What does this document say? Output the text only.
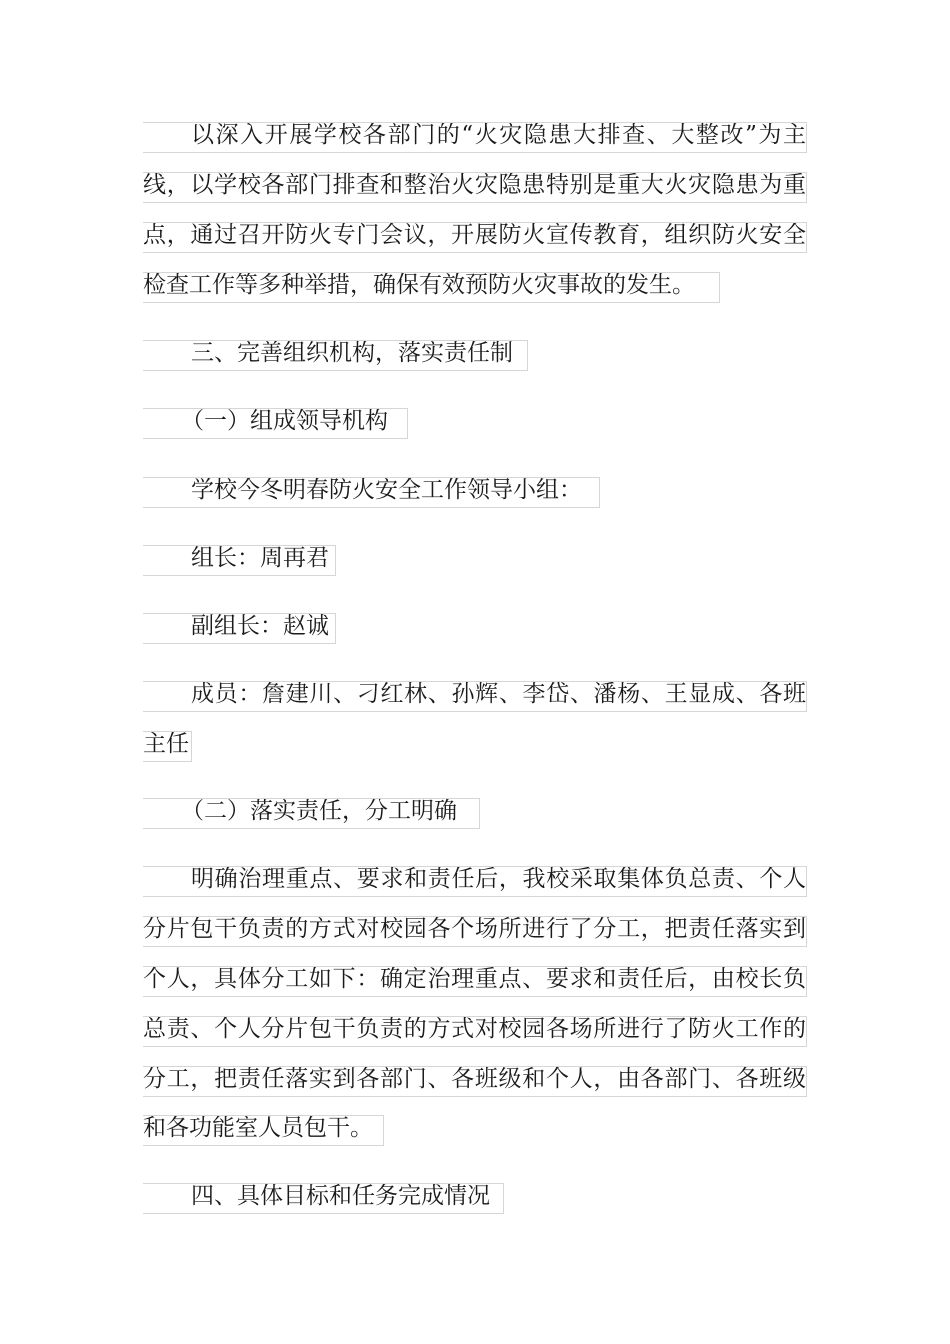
以深入开展学校各部门的“火灾隐患大排查、大整改”为主
线，以学校各部门排查和整治火灾隐患特别是重大火灾隐患为重
点，通过召开防火专门会议，开展防火宣传教育，组织防火安全
检查工作等多种举措，确保有效预防火灾事故的发生。
三、完善组织机构，落实责任制
（一）组成领导机构
学校今冬明春防火安全工作领导小组：
组长：周再君
副组长：赵诚
成员：詹建川、刁红林、孙辉、李岱、潘杨、王显成、各班
主任
（二）落实责任，分工明确
明确治理重点、要求和责任后，我校采取集体负总责、个人
分片包干负责的方式对校园各个场所进行了分工，把责任落实到
个人，具体分工如下：确定治理重点、要求和责任后，由校长负
总责、个人分片包干负责的方式对校园各场所进行了防火工作的
分工，把责任落实到各部门、各班级和个人，由各部门、各班级
和各功能室人员包干。
四、具体目标和任务完成情况
